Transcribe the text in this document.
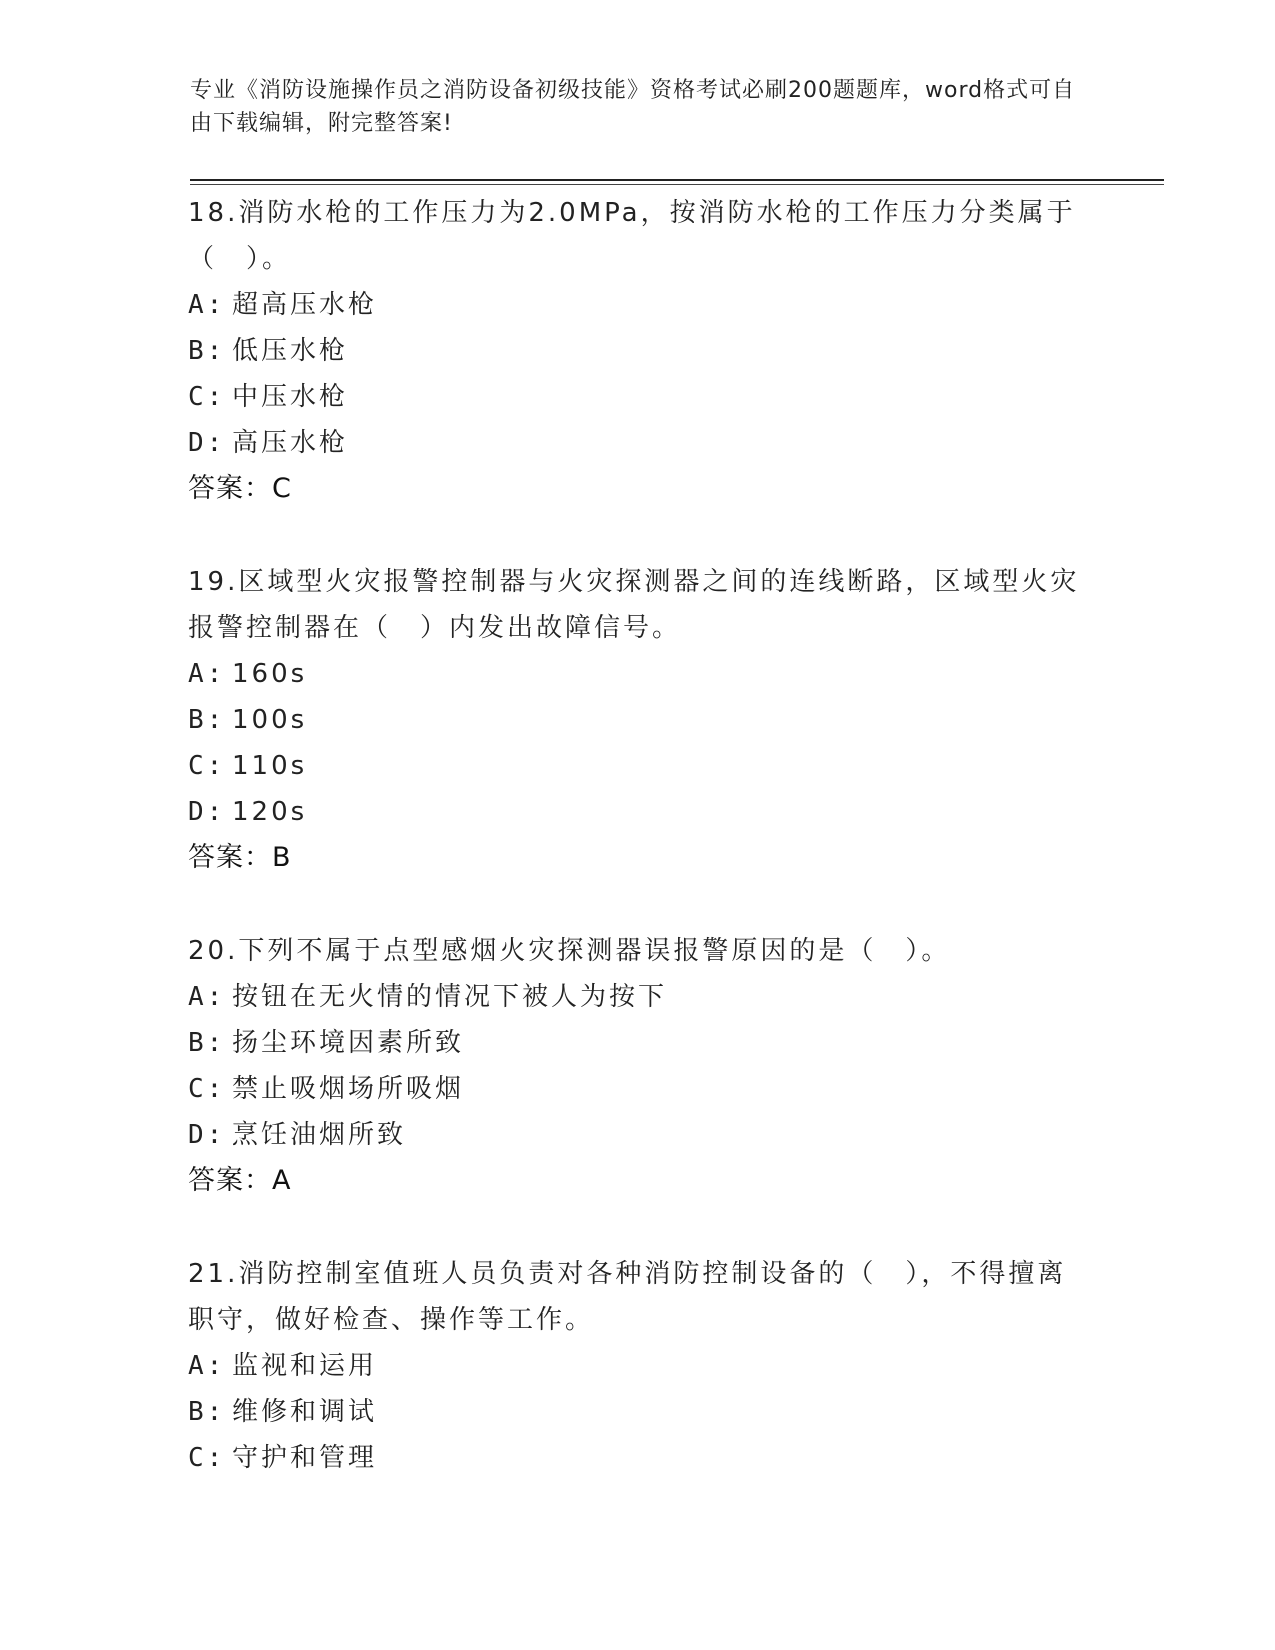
专业《消防设施操作员之消防设备初级技能》资格考试必刷200题题库，word格式可自由下载编辑，附完整答案!
18.消防水枪的工作压力为2.0MPa，按消防水枪的工作压力分类属于（　）。
A: 超高压水枪
B: 低压水枪
C: 中压水枪
D: 高压水枪
答案：C
19.区域型火灾报警控制器与火灾探测器之间的连线断路，区域型火灾报警控制器在（　）内发出故障信号。
A: 160s
B: 100s
C: 110s
D: 120s
答案：B
20.下列不属于点型感烟火灾探测器误报警原因的是（　）。
A: 按钮在无火情的情况下被人为按下
B: 扬尘环境因素所致
C: 禁止吸烟场所吸烟
D: 烹饪油烟所致
答案：A
21.消防控制室值班人员负责对各种消防控制设备的（　），不得擅离职守，做好检查、操作等工作。
A: 监视和运用
B: 维修和调试
C: 守护和管理
